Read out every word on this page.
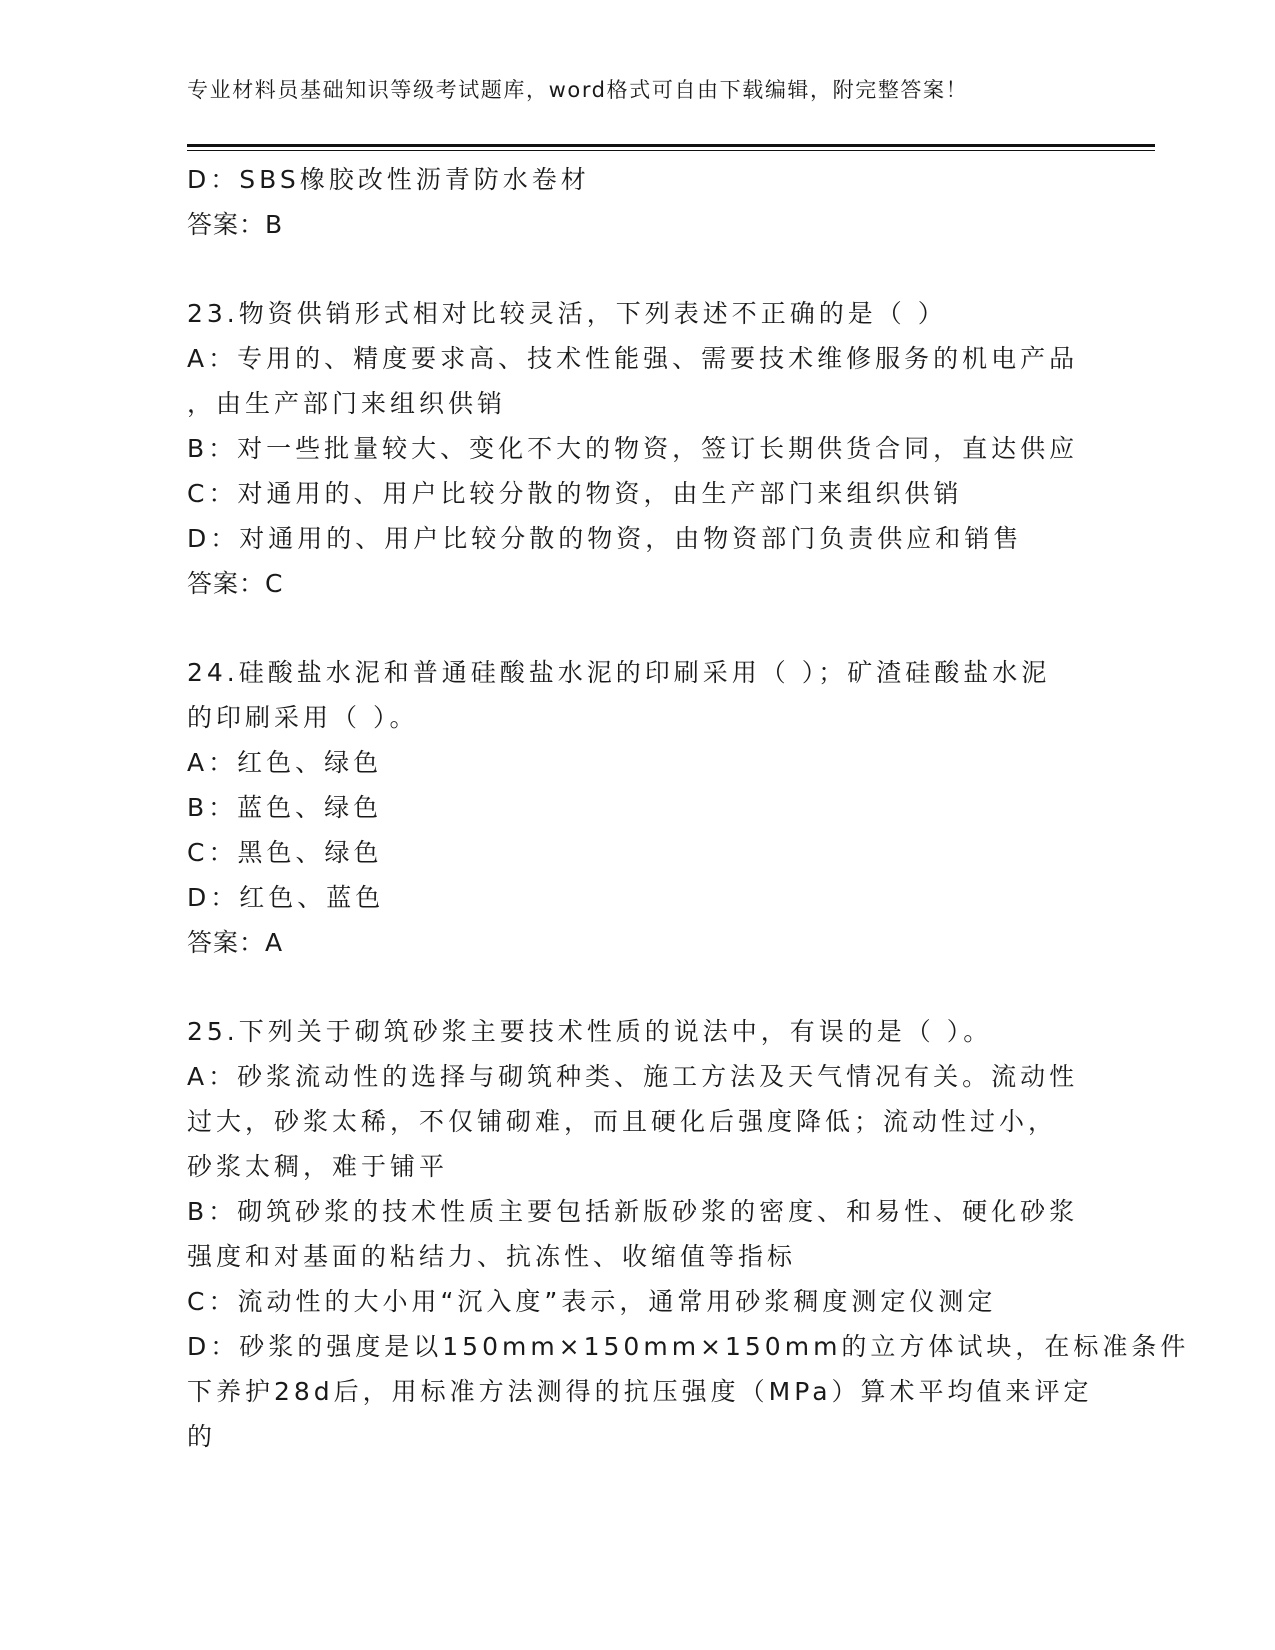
专业材料员基础知识等级考试题库，word格式可自由下载编辑，附完整答案！
D：SBS橡胶改性沥青防水卷材
答案：B
23.物资供销形式相对比较灵活，下列表述不正确的是（ ）
A：专用的、精度要求高、技术性能强、需要技术维修服务的机电产品
，由生产部门来组织供销
B：对一些批量较大、变化不大的物资，签订长期供货合同，直达供应
C：对通用的、用户比较分散的物资，由生产部门来组织供销
D：对通用的、用户比较分散的物资，由物资部门负责供应和销售
答案：C
24.硅酸盐水泥和普通硅酸盐水泥的印刷采用（ ）；矿渣硅酸盐水泥
的印刷采用（ ）。
A：红色、绿色
B：蓝色、绿色
C：黑色、绿色
D：红色、蓝色
答案：A
25.下列关于砌筑砂浆主要技术性质的说法中，有误的是（ ）。
A：砂浆流动性的选择与砌筑种类、施工方法及天气情况有关。流动性
过大，砂浆太稀，不仅铺砌难，而且硬化后强度降低；流动性过小，
砂浆太稠，难于铺平
B：砌筑砂浆的技术性质主要包括新版砂浆的密度、和易性、硬化砂浆
强度和对基面的粘结力、抗冻性、收缩值等指标
C：流动性的大小用“沉入度”表示，通常用砂浆稠度测定仪测定
D：砂浆的强度是以150mm×150mm×150mm的立方体试块，在标准条件
下养护28d后，用标准方法测得的抗压强度（MPa）算术平均值来评定
的
